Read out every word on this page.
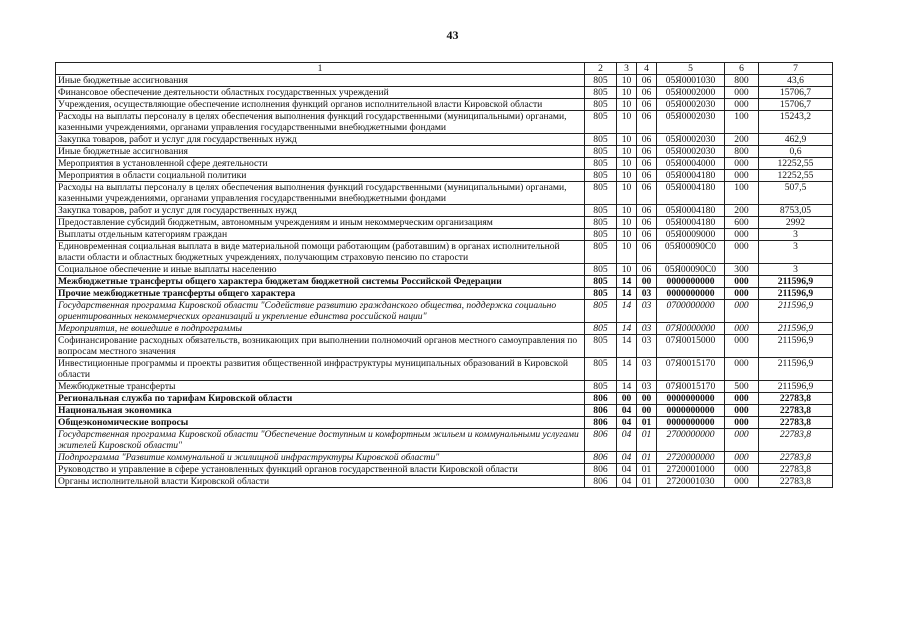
43
1	2	3	4	5	6	7
Иные бюджетные ассигнования	805	10	06	05Я0001030	800	43,6
Финансовое обеспечение деятельности областных государственных учреждений	805	10	06	05Я0002000	000	15706,7
Учреждения, осуществляющие обеспечение исполнения функций органов исполнительной власти Кировской области	805	10	06	05Я0002030	000	15706,7
Расходы на выплаты персоналу в целях обеспечения выполнения функций государственными (муниципальными) органами, казенными учреждениями, органами управления государственными внебюджетными фондами	805	10	06	05Я0002030	100	15243,2
Закупка товаров, работ и услуг для государственных нужд	805	10	06	05Я0002030	200	462,9
Иные бюджетные ассигнования	805	10	06	05Я0002030	800	0,6
Мероприятия в установленной сфере деятельности	805	10	06	05Я0004000	000	12252,55
Мероприятия в области социальной политики	805	10	06	05Я0004180	000	12252,55
Расходы на выплаты персоналу в целях обеспечения выполнения функций государственными (муниципальными) органами, казенными учреждениями, органами управления государственными внебюджетными фондами	805	10	06	05Я0004180	100	507,5
Закупка товаров, работ и услуг для государственных нужд	805	10	06	05Я0004180	200	8753,05
Предоставление субсидий бюджетным, автономным учреждениям и иным некоммерческим организациям	805	10	06	05Я0004180	600	2992
Выплаты отдельным категориям граждан	805	10	06	05Я0009000	000	3
Единовременная социальная выплата в виде материальной помощи работающим (работавшим) в органах исполнительной власти области и областных бюджетных учреждениях, получающим страховую пенсию по старости	805	10	06	05Я00090С0	000	3
Социальное обеспечение и иные выплаты населению	805	10	06	05Я00090С0	300	3
Межбюджетные трансферты общего характера бюджетам бюджетной системы Российской Федерации	805	14	00	0000000000	000	211596,9
Прочие межбюджетные трансферты общего характера	805	14	03	0000000000	000	211596,9
Государственная программа Кировской области "Содействие развитию гражданского общества, поддержка социально ориентированных некоммерческих организаций и укрепление единства российской нации"	805	14	03	0700000000	000	211596,9
Мероприятия, не вошедшие в подпрограммы	805	14	03	07Я0000000	000	211596,9
Софинансирование расходных обязательств, возникающих при выполнении полномочий органов местного самоуправления по вопросам местного значения	805	14	03	07Я0015000	000	211596,9
Инвестиционные программы и проекты развития общественной инфраструктуры муниципальных образований в Кировской области	805	14	03	07Я0015170	000	211596,9
Межбюджетные трансферты	805	14	03	07Я0015170	500	211596,9
Региональная служба по тарифам Кировской области	806	00	00	0000000000	000	22783,8
Национальная экономика	806	04	00	0000000000	000	22783,8
Общеэкономические вопросы	806	04	01	0000000000	000	22783,8
Государственная программа Кировской области "Обеспечение доступным и комфортным жильем и коммунальными услугами жителей Кировской области"	806	04	01	2700000000	000	22783,8
Подпрограмма "Развитие коммунальной и жилищной инфраструктуры Кировской области"	806	04	01	2720000000	000	22783,8
Руководство и управление в сфере установленных функций органов государственной власти Кировской области	806	04	01	2720001000	000	22783,8
Органы исполнительной власти Кировской области	806	04	01	2720001030	000	22783,8
